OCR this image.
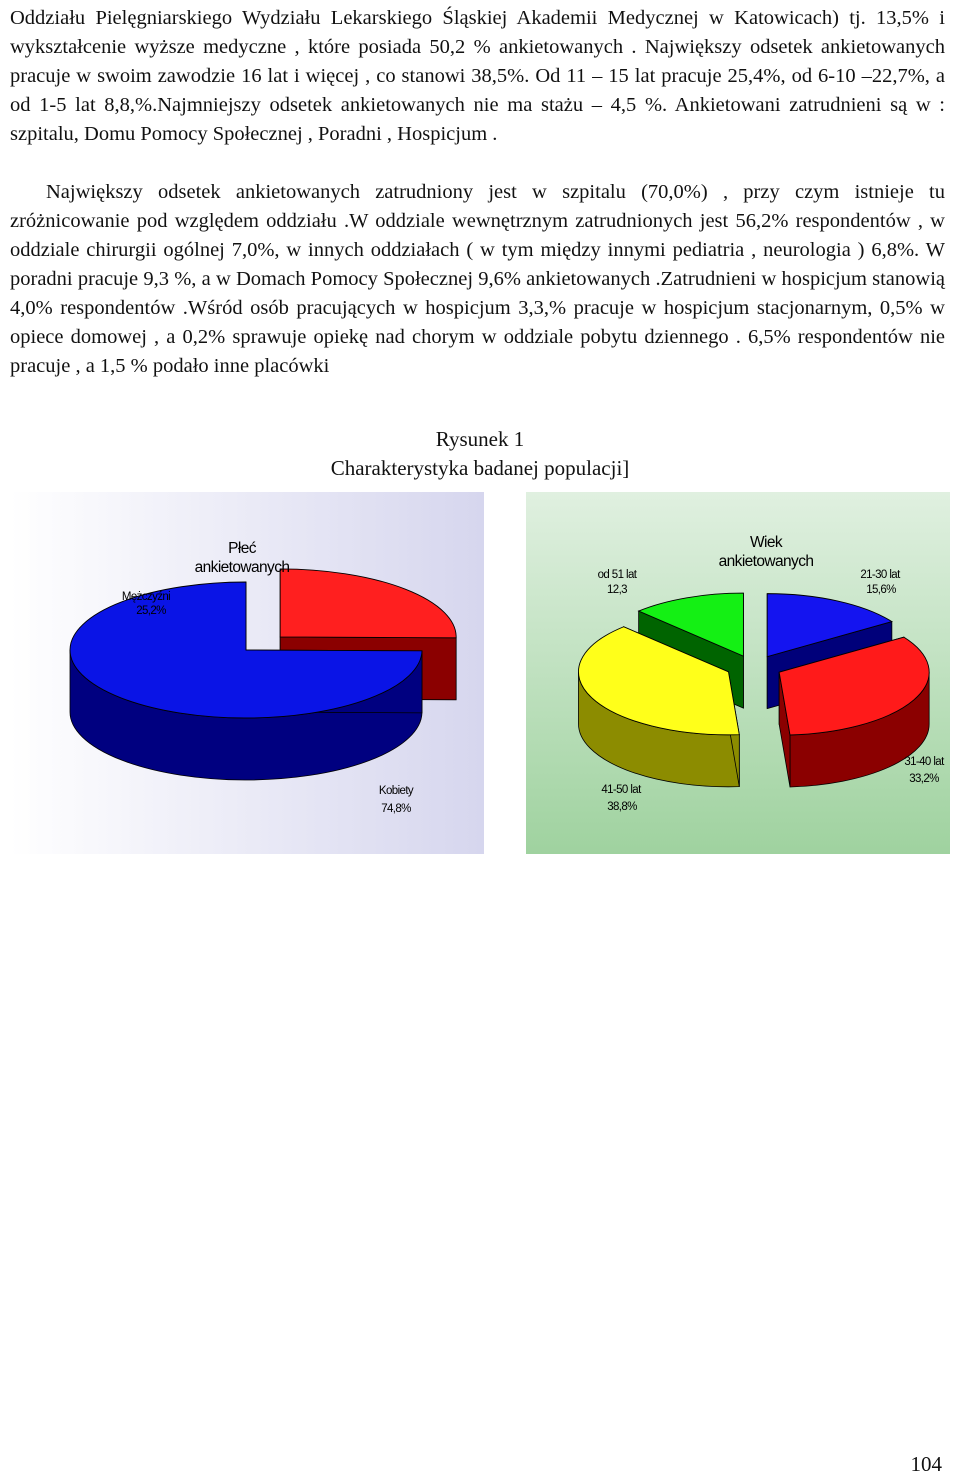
Oddziału Pielęgniarskiego Wydziału Lekarskiego Śląskiej Akademii Medycznej w Katowicach) tj. 13,5% i wykształcenie wyższe medyczne , które posiada 50,2 % ankietowanych . Największy odsetek ankietowanych pracuje w swoim zawodzie 16 lat i więcej , co stanowi 38,5%. Od 11 – 15 lat pracuje 25,4%, od 6-10 –22,7%, a od 1-5 lat 8,8,%.Najmniejszy odsetek ankietowanych nie ma stażu – 4,5 %. Ankietowani zatrudnieni są w : szpitalu, Domu Pomocy Społecznej , Poradni , Hospicjum .

Największy odsetek ankietowanych zatrudniony jest w szpitalu (70,0%) , przy czym istnieje tu zróżnicowanie pod względem oddziału .W oddziale wewnętrznym zatrudnionych jest 56,2% respondentów , w oddziale chirurgii ogólnej 7,0%, w innych oddziałach ( w tym między innymi pediatria , neurologia ) 6,8%. W poradni pracuje 9,3 %, a w Domach Pomocy Społecznej 9,6% ankietowanych .Zatrudnieni w hospicjum stanowią 4,0% respondentów .Wśród osób pracujących w hospicjum 3,3,% pracuje w hospicjum stacjonarnym, 0,5% w opiece domowej , a 0,2% sprawuje opiekę nad chorym w oddziale pobytu dziennego . 6,5% respondentów nie pracuje , a 1,5 % podało inne placówki

Rysunek 1
Charakterystyka badanej populacji]
Płeć
ankietowanych
Mężczyźni
25,2%
Kobiety
74,8%
Wiek
ankietowanych
21-30 lat
15,6%
31-40 lat
33,2%
41-50 lat
38,8%
od 51 lat
12,3
104
